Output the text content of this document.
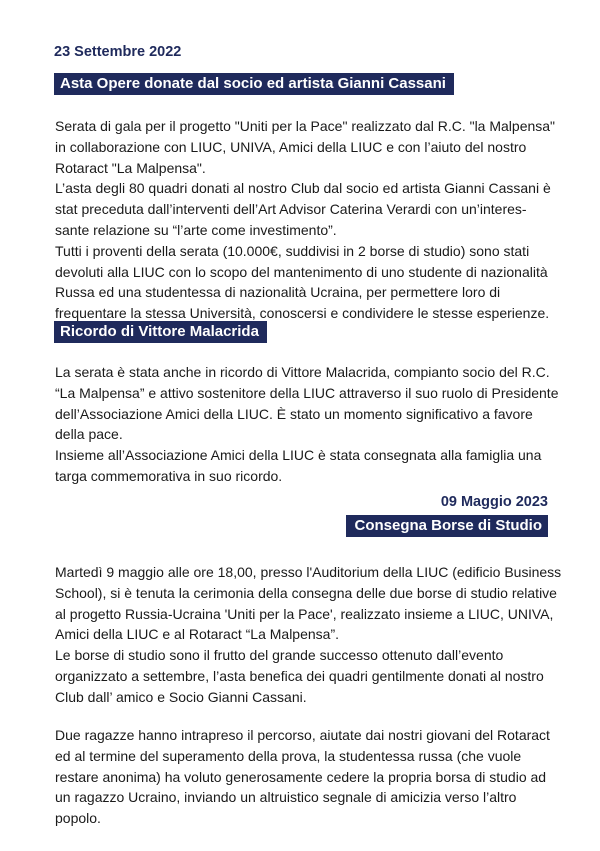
23 Settembre 2022

Asta Opere donate dal socio ed artista Gianni Cassani

Serata di gala per il progetto "Uniti per la Pace" realizzato dal R.C. "la Malpensa"
in collaborazione con LIUC, UNIVA, Amici della LIUC e con l’aiuto del nostro
Rotaract "La Malpensa".
L’asta degli 80 quadri donati al nostro Club dal socio ed artista Gianni Cassani è
stat preceduta dall’interventi dell’Art Advisor Caterina Verardi con un’interes-
sante relazione su “l’arte come investimento”.
Tutti i proventi della serata (10.000€, suddivisi in 2 borse di studio) sono stati
devoluti alla LIUC con lo scopo del mantenimento di uno studente di nazionalità
Russa ed una studentessa di nazionalità Ucraina, per permettere loro di
frequentare la stessa Università, conoscersi e condividere le stesse esperienze.

Ricordo di Vittore Malacrida

La serata è stata anche in ricordo di Vittore Malacrida, compianto socio del R.C.
“La Malpensa” e attivo sostenitore della LIUC attraverso il suo ruolo di Presidente
dell’Associazione Amici della LIUC. È stato un momento significativo a favore
della pace.
Insieme all’Associazione Amici della LIUC è stata consegnata alla famiglia una
targa commemorativa in suo ricordo.

09 Maggio 2023

Consegna Borse di Studio

Martedì 9 maggio alle ore 18,00, presso l'Auditorium della LIUC (edificio Business
School), si è tenuta la cerimonia della consegna delle due borse di studio relative
al progetto Russia-Ucraina 'Uniti per la Pace', realizzato insieme a LIUC, UNIVA,
Amici della LIUC e al Rotaract “La Malpensa”.
Le borse di studio sono il frutto del grande successo ottenuto dall’evento
organizzato a settembre, l’asta benefica dei quadri gentilmente donati al nostro
Club dall’ amico e Socio Gianni Cassani.

Due ragazze hanno intrapreso il percorso, aiutate dai nostri giovani del Rotaract
ed al termine del superamento della prova, la studentessa russa (che vuole
restare anonima) ha voluto generosamente cedere la propria borsa di studio ad
un ragazzo Ucraino, inviando un altruistico segnale di amicizia verso l’altro
popolo.
